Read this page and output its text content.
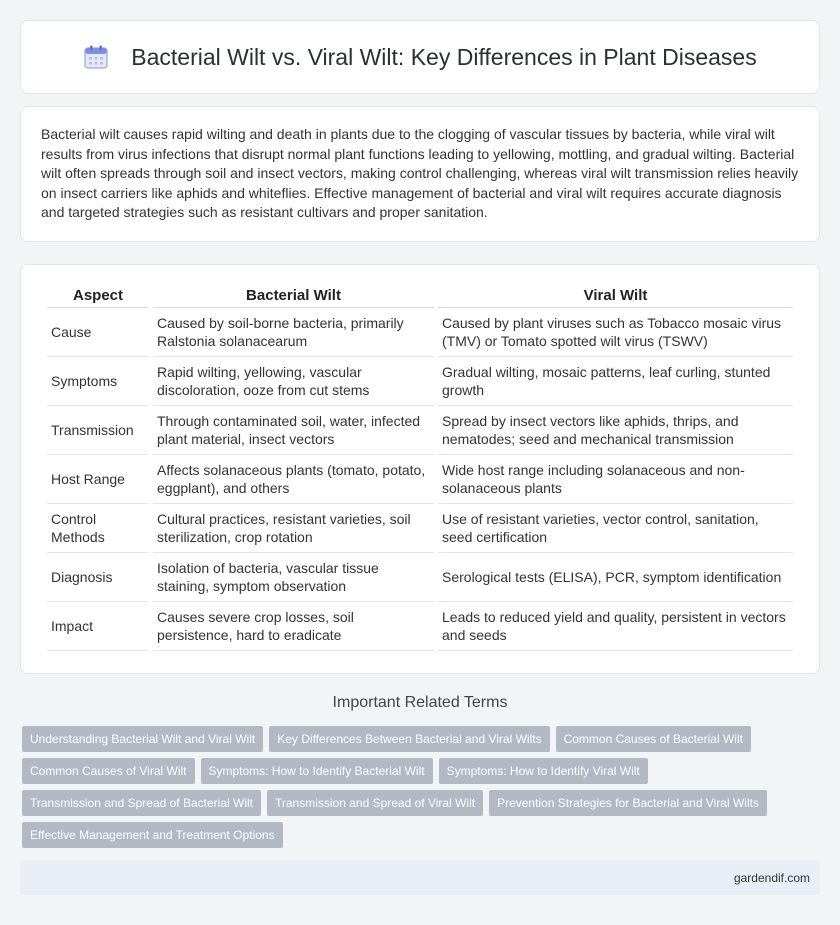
Bacterial Wilt vs. Viral Wilt: Key Differences in Plant Diseases

Bacterial wilt causes rapid wilting and death in plants due to the clogging of vascular tissues by bacteria, while viral wilt results from virus infections that disrupt normal plant functions leading to yellowing, mottling, and gradual wilting. Bacterial wilt often spreads through soil and insect vectors, making control challenging, whereas viral wilt transmission relies heavily on insect carriers like aphids and whiteflies. Effective management of bacterial and viral wilt requires accurate diagnosis and targeted strategies such as resistant cultivars and proper sanitation.

Aspect	Bacterial Wilt	Viral Wilt
Cause	Caused by soil-borne bacteria, primarily Ralstonia solanacearum	Caused by plant viruses such as Tobacco mosaic virus (TMV) or Tomato spotted wilt virus (TSWV)
Symptoms	Rapid wilting, yellowing, vascular discoloration, ooze from cut stems	Gradual wilting, mosaic patterns, leaf curling, stunted growth
Transmission	Through contaminated soil, water, infected plant material, insect vectors	Spread by insect vectors like aphids, thrips, and nematodes; seed and mechanical transmission
Host Range	Affects solanaceous plants (tomato, potato, eggplant), and others	Wide host range including solanaceous and non-solanaceous plants
Control Methods	Cultural practices, resistant varieties, soil sterilization, crop rotation	Use of resistant varieties, vector control, sanitation, seed certification
Diagnosis	Isolation of bacteria, vascular tissue staining, symptom observation	Serological tests (ELISA), PCR, symptom identification
Impact	Causes severe crop losses, soil persistence, hard to eradicate	Leads to reduced yield and quality, persistent in vectors and seeds
Important Related Terms
Understanding Bacterial Wilt and Viral Wilt	Key Differences Between Bacterial and Viral Wilts	Common Causes of Bacterial Wilt
Common Causes of Viral Wilt	Symptoms: How to Identify Bacterial Wilt	Symptoms: How to Identify Viral Wilt
Transmission and Spread of Bacterial Wilt	Transmission and Spread of Viral Wilt	Prevention Strategies for Bacterial and Viral Wilts
Effective Management and Treatment Options
gardendif.com
